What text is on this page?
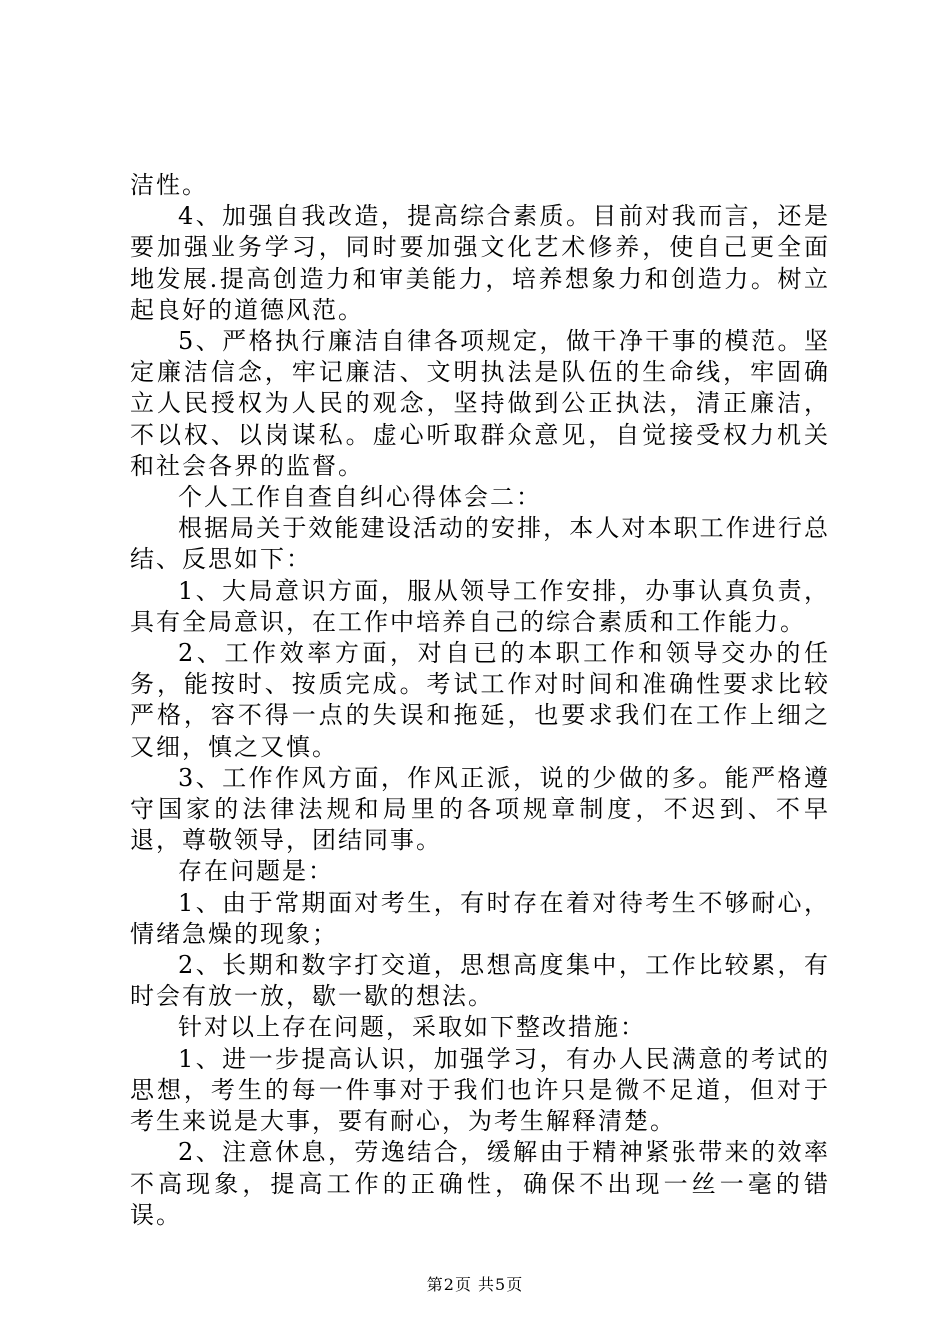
洁性。

4、加强自我改造，提高综合素质。目前对我而言，还是要加强业务学习，同时要加强文化艺术修养，使自己更全面地发展.提高创造力和审美能力，培养想象力和创造力。树立起良好的道德风范。

5、严格执行廉洁自律各项规定，做干净干事的模范。坚定廉洁信念，牢记廉洁、文明执法是队伍的生命线，牢固确立人民授权为人民的观念，坚持做到公正执法，清正廉洁，不以权、以岗谋私。虚心听取群众意见，自觉接受权力机关和社会各界的监督。

个人工作自查自纠心得体会二：

根据局关于效能建设活动的安排，本人对本职工作进行总结、反思如下：

1、大局意识方面，服从领导工作安排，办事认真负责，具有全局意识，在工作中培养自己的综合素质和工作能力。

2、工作效率方面，对自已的本职工作和领导交办的任务，能按时、按质完成。考试工作对时间和准确性要求比较严格，容不得一点的失误和拖延，也要求我们在工作上细之又细，慎之又慎。

3、工作作风方面，作风正派，说的少做的多。能严格遵守国家的法律法规和局里的各项规章制度，不迟到、不早退，尊敬领导，团结同事。

存在问题是：

1、由于常期面对考生，有时存在着对待考生不够耐心，情绪急燥的现象；

2、长期和数字打交道，思想高度集中，工作比较累，有时会有放一放，歇一歇的想法。

针对以上存在问题，采取如下整改措施：

1、进一步提高认识，加强学习，有办人民满意的考试的思想，考生的每一件事对于我们也许只是微不足道，但对于考生来说是大事，要有耐心，为考生解释清楚。

2、注意休息，劳逸结合，缓解由于精神紧张带来的效率不高现象，提高工作的正确性，确保不出现一丝一毫的错误。

第2页 共5页
